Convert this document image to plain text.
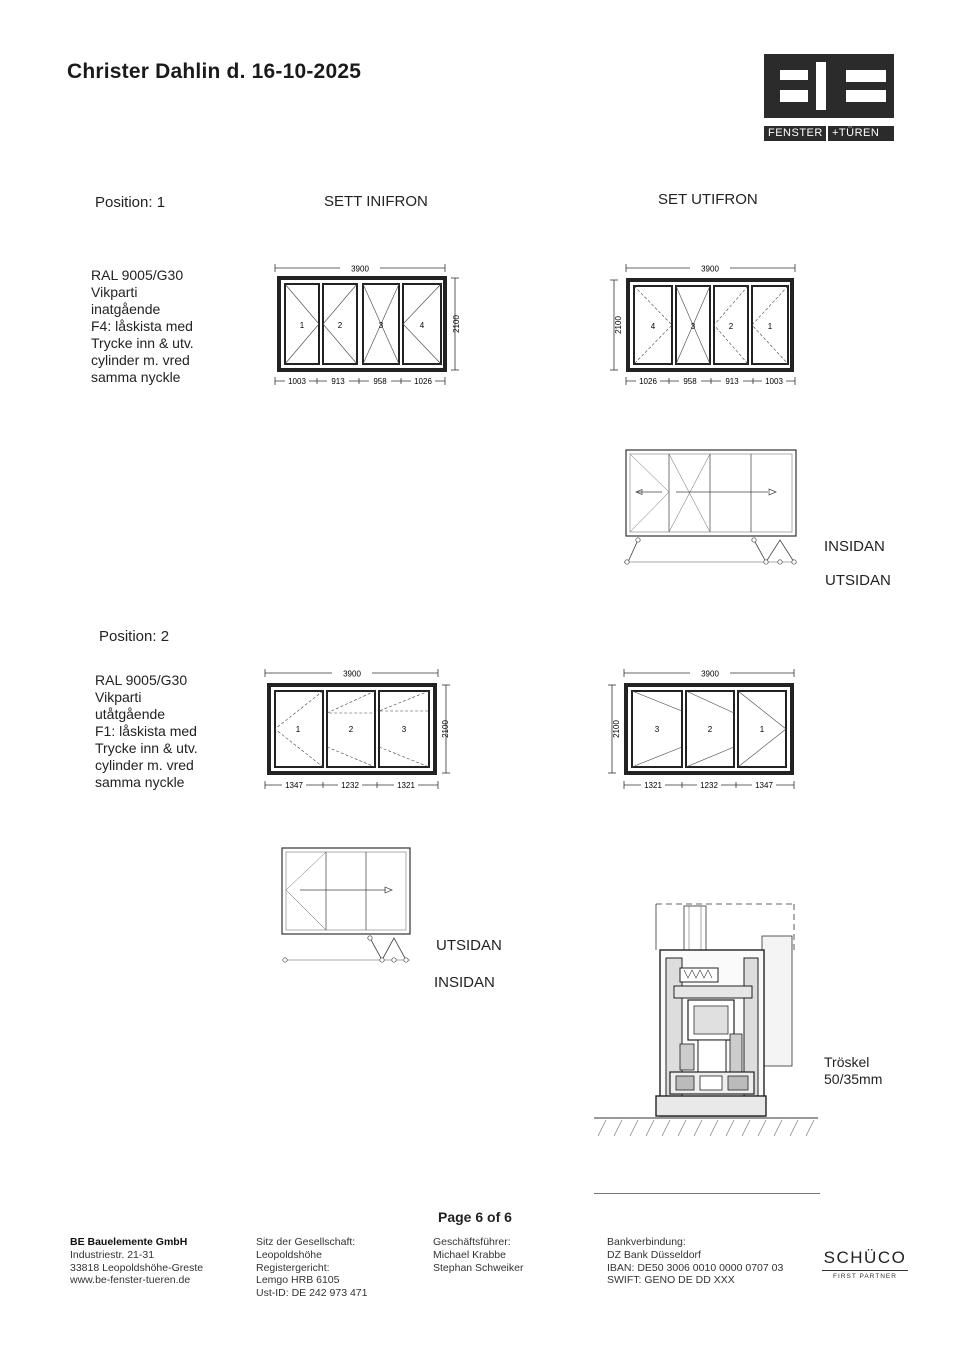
Christer Dahlin d. 16-10-2025
FENSTER +TÜREN
Position: 1	SETT INIFRON	SET UTIFRON
RAL 9005/G30
Vikparti
inatgående
F4: låskista med
Trycke inn & utv.
cylinder m. vred
samma nyckle
3900
1	2	3	4	2100
1003	913	958	1026
3900
4	3	2	1
2100
1026	958	913	1003
INSIDAN
UTSIDAN
Position: 2
RAL 9005/G30
Vikparti
utåtgående
F1: låskista med
Trycke inn & utv.
cylinder m. vred
samma nyckle
3900
1	2	3	2100
1347	1232	1321
3900
3	2	1
2100
1321	1232	1347
UTSIDAN
INSIDAN
Tröskel
50/35mm
Page 6 of 6
BE Bauelemente GmbH
Industriestr. 21-31
33818 Leopoldshöhe-Greste
www.be-fenster-tueren.de
Sitz der Gesellschaft:
Leopoldshöhe
Registergericht:
Lemgo HRB 6105
Ust-ID: DE 242 973 471
Geschäftsführer:
Michael Krabbe
Stephan Schweiker
Bankverbindung:
DZ Bank Düsseldorf
IBAN: DE50 3006 0010 0000 0707 03
SWIFT: GENO DE DD XXX
SCHÜCO
FIRST PARTNER
